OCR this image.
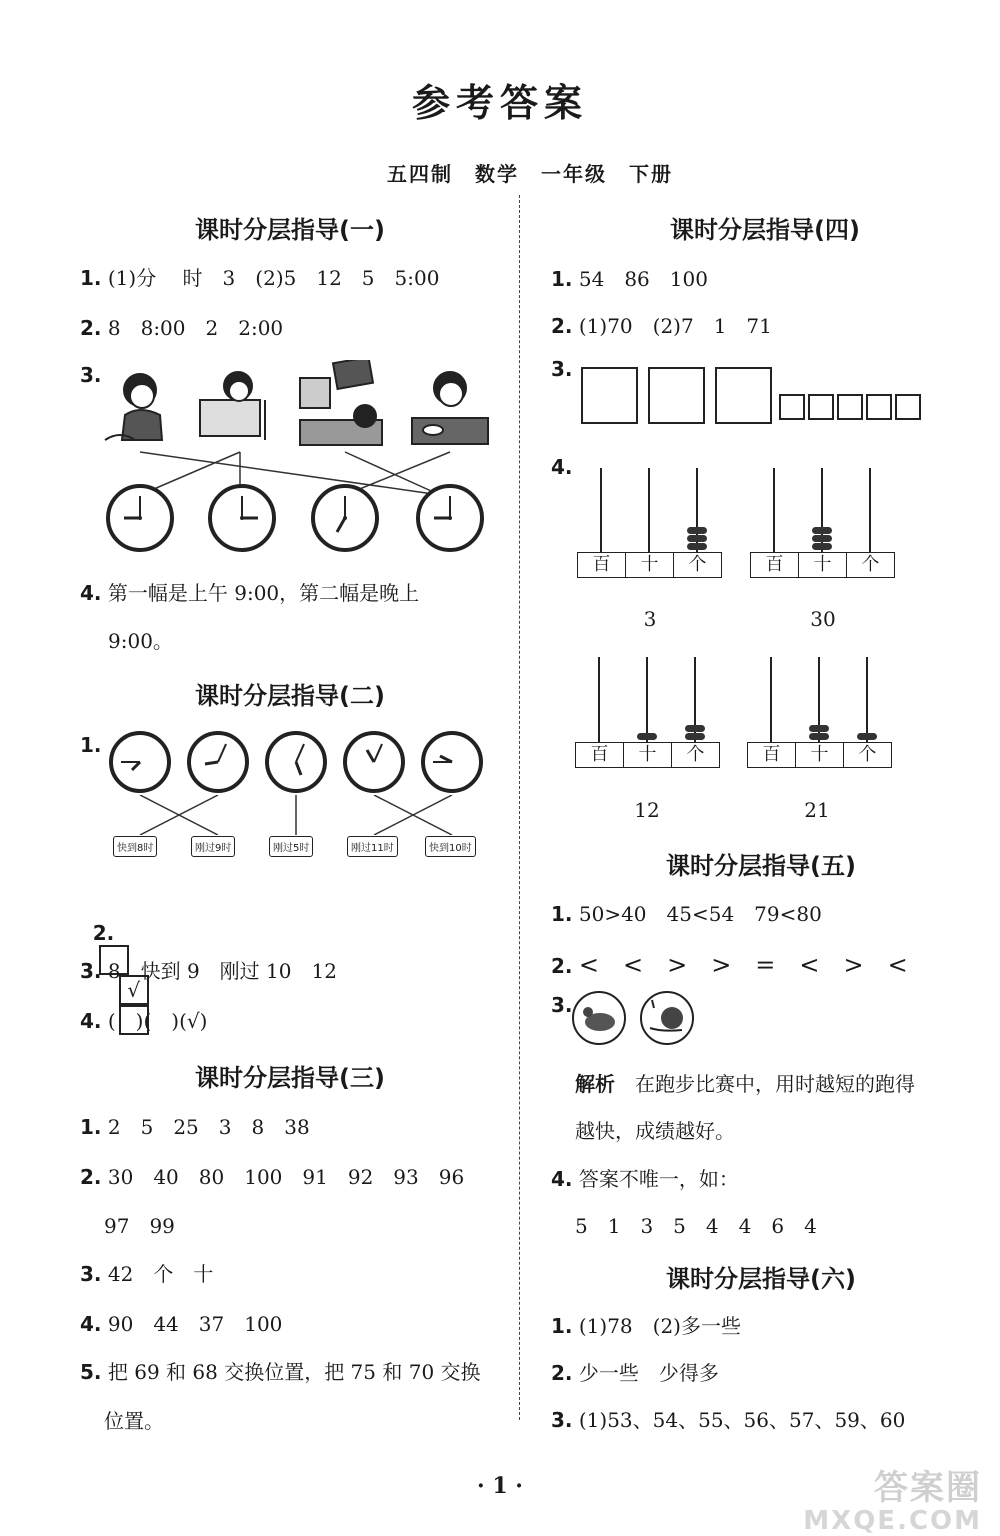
参考答案
五四制　数学　一年级　下册
课时分层指导(一)
1. (1)分　 时　3　(2)5　12　5　5:00
2. 8　8:00　2　2:00
3.
4. 第一幅是上午 9:00，第二幅是晚上
9:00。
课时分层指导(二)
1.
快到8时	刚过9时	刚过5时	刚过11时	快到10时

2.

√

3. 8　快到 9　刚过 10　12
4. (　)(　)(√)
课时分层指导(三)
1. 2　5　25　3　8　38
2. 30　40　80　100　91　92　93　96
97　99
3. 42　个　十
4. 90　44　37　100
5. 把 69 和 68 交换位置，把 75 和 70 交换
位置。
课时分层指导(四)
1. 54　86　100
2. (1)70　(2)7　1　71
3.
4.
百	十	个
3
百	十	个
30
百	十	个
12
百	十	个
21
课时分层指导(五)
1. 50>40　45<54　79<80
2. <　<　>　>　=　<　>　<
3.
解析　 在跑步比赛中，用时越短的跑得
越快，成绩越好。
4. 答案不唯一，如：
5　1　3　5　4　4　6　4
课时分层指导(六)
1. (1)78　(2)多一些
2. 少一些　少得多
3. (1)53、54、55、56、57、59、60
· 1 ·	答案圈
MXQE.COM
